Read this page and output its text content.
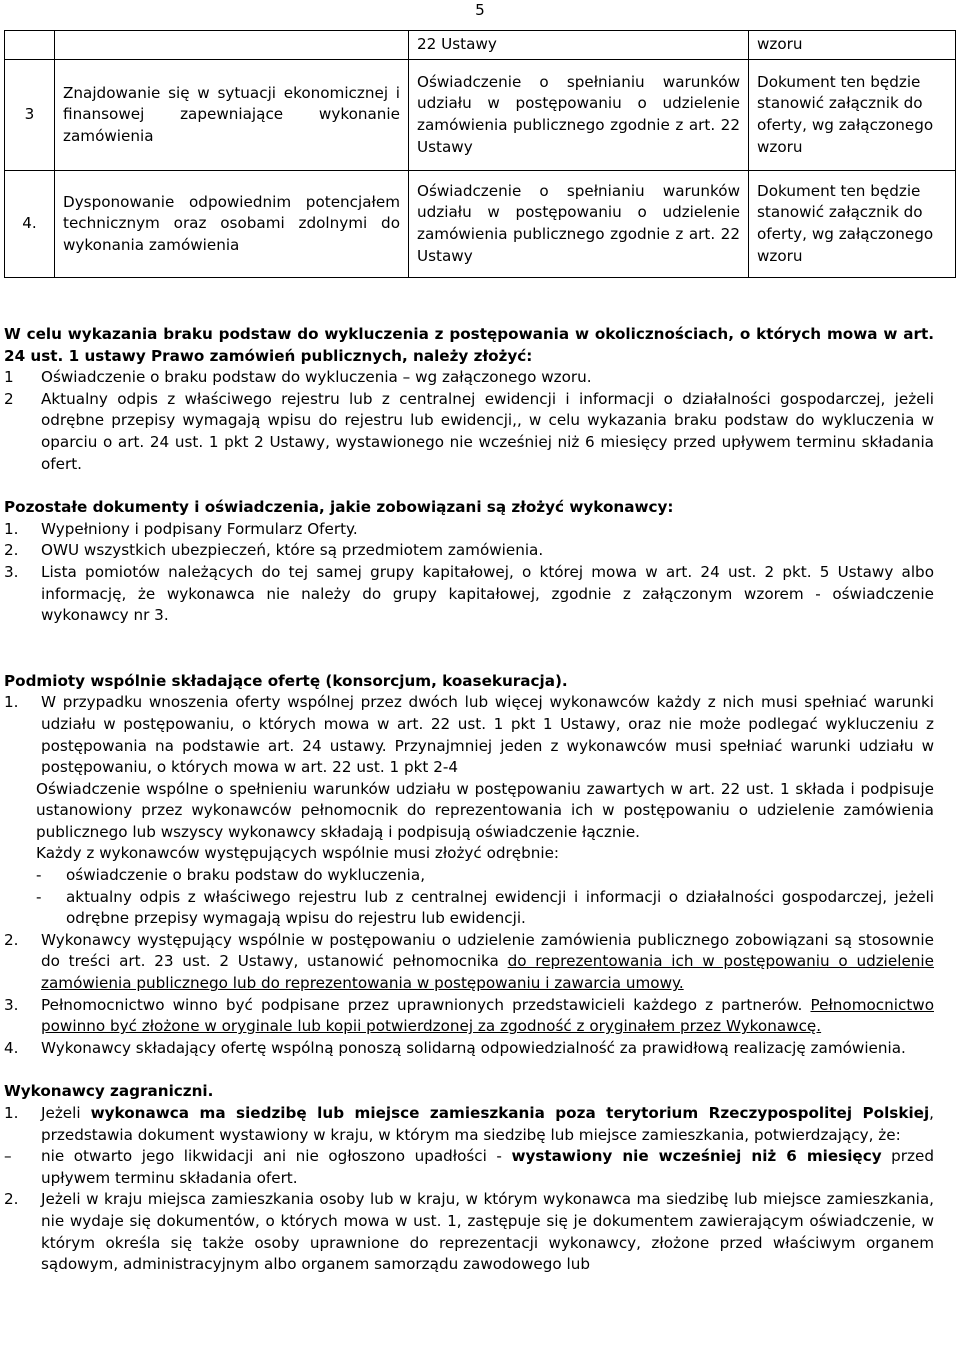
5
		22 Ustawy	wzoru
3	Znajdowanie się w sytuacji ekonomicznej i finansowej zapewniające wykonanie zamówienia	Oświadczenie o spełnianiu warunków udziału w postępowaniu o udzielenie zamówienia publicznego zgodnie z art. 22 Ustawy	Dokument ten będzie stanowić załącznik do oferty, wg załączonego wzoru
4.	Dysponowanie odpowiednim potencjałem technicznym oraz osobami zdolnymi do wykonania zamówienia	Oświadczenie o spełnianiu warunków udziału w postępowaniu o udzielenie zamówienia publicznego zgodnie z art. 22 Ustawy	Dokument ten będzie stanowić załącznik do oferty, wg załączonego wzoru

W celu wykazania braku podstaw do wykluczenia z postępowania w okolicznościach, o których mowa w art. 24 ust. 1 ustawy Prawo zamówień publicznych, należy złożyć:

1	Oświadczenie o braku podstaw do wykluczenia – wg załączonego wzoru.
2	Aktualny odpis z właściwego rejestru lub z centralnej ewidencji i informacji o działalności gospodarczej, jeżeli odrębne przepisy wymagają wpisu do rejestru lub ewidencji,, w celu wykazania braku podstaw do wykluczenia w oparciu o art. 24 ust. 1 pkt 2 Ustawy, wystawionego nie wcześniej niż 6 miesięcy przed upływem terminu składania ofert.

Pozostałe dokumenty i oświadczenia, jakie zobowiązani są złożyć wykonawcy:

1.	Wypełniony i podpisany Formularz Oferty.
2.	OWU wszystkich ubezpieczeń, które są przedmiotem zamówienia.
3.	Lista pomiotów należących do tej samej grupy kapitałowej, o której mowa w art. 24 ust. 2 pkt. 5 Ustawy albo informację, że wykonawca nie należy do grupy kapitałowej, zgodnie z załączonym wzorem - oświadczenie wykonawcy nr 3.

Podmioty wspólnie składające ofertę (konsorcjum, koasekuracja).

1.	W przypadku wnoszenia oferty wspólnej przez dwóch lub więcej wykonawców każdy z nich musi spełniać warunki udziału w postępowaniu, o których mowa w art. 22 ust. 1 pkt 1 Ustawy, oraz nie może podlegać wykluczeniu z postępowania na podstawie art. 24 ustawy. Przynajmniej jeden z wykonawców musi spełniać warunki udziału w postępowaniu, o których mowa w art. 22 ust. 1 pkt 2-4

Oświadczenie wspólne o spełnieniu warunków udziału w postępowaniu zawartych w art. 22 ust. 1 składa i podpisuje ustanowiony przez wykonawców pełnomocnik do reprezentowania ich w postępowaniu o udzielenie zamówienia publicznego lub wszyscy wykonawcy składają i podpisują oświadczenie łącznie.

Każdy z wykonawców występujących wspólnie musi złożyć odrębnie:

-	oświadczenie o braku podstaw do wykluczenia,
-	aktualny odpis z właściwego rejestru lub z centralnej ewidencji i informacji o działalności gospodarczej, jeżeli odrębne przepisy wymagają wpisu do rejestru lub ewidencji.
2.	Wykonawcy występujący wspólnie w postępowaniu o udzielenie zamówienia publicznego zobowiązani są stosownie do treści art. 23 ust. 2 Ustawy, ustanowić pełnomocnika do reprezentowania ich w postępowaniu o udzielenie zamówienia publicznego lub do reprezentowania w postępowaniu i zawarcia umowy.
3.	Pełnomocnictwo winno być podpisane przez uprawnionych przedstawicieli każdego z partnerów. Pełnomocnictwo powinno być złożone w oryginale lub kopii potwierdzonej za zgodność z oryginałem przez Wykonawcę.
4.	Wykonawcy składający ofertę wspólną ponoszą solidarną odpowiedzialność za prawidłową realizację zamówienia.

Wykonawcy zagraniczni.

1.	Jeżeli wykonawca ma siedzibę lub miejsce zamieszkania poza terytorium Rzeczypospolitej Polskiej, przedstawia dokument wystawiony w kraju, w którym ma siedzibę lub miejsce zamieszkania, potwierdzający, że:
–	nie otwarto jego likwidacji ani nie ogłoszono upadłości - wystawiony nie wcześniej niż 6 miesięcy przed upływem terminu składania ofert.
2.	Jeżeli w kraju miejsca zamieszkania osoby lub w kraju, w którym wykonawca ma siedzibę lub miejsce zamieszkania, nie wydaje się dokumentów, o których mowa w ust. 1, zastępuje się je dokumentem zawierającym oświadczenie, w którym określa się także osoby uprawnione do reprezentacji wykonawcy, złożone przed właściwym organem sądowym, administracyjnym albo organem samorządu zawodowego lub
